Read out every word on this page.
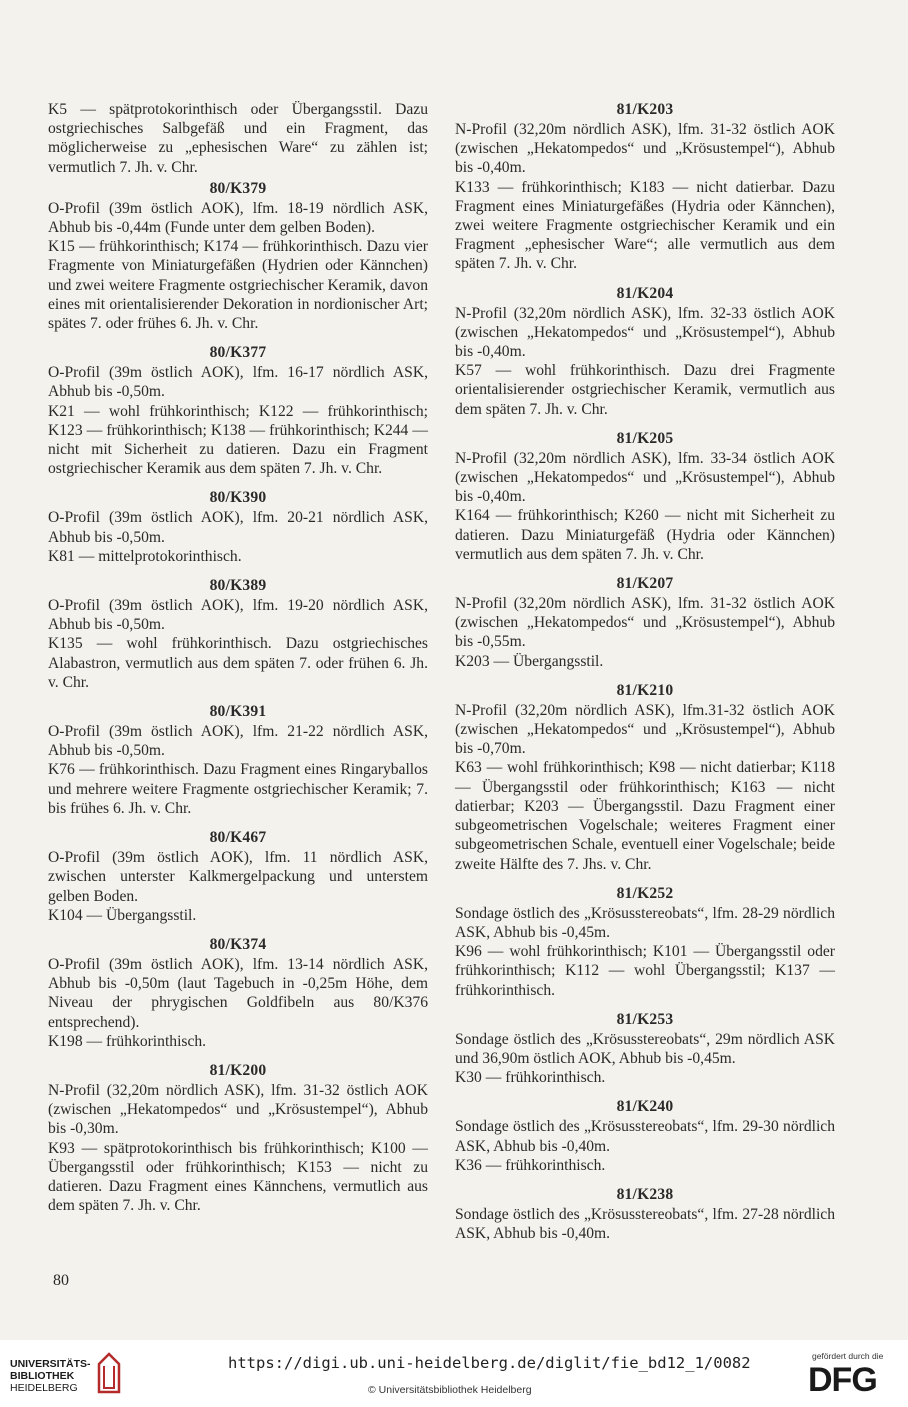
K5 — spätprotokorinthisch oder Übergangsstil. Dazu ostgriechisches Salbgefäß und ein Fragment, das möglicherweise zu „ephesischen Ware“ zu zählen ist; vermutlich 7. Jh. v. Chr.

80/K379

O-Profil (39m östlich AOK), lfm. 18-19 nördlich ASK, Abhub bis -0,44m (Funde unter dem gelben Boden).

K15 — frühkorinthisch; K174 — frühkorinthisch. Dazu vier Fragmente von Miniaturgefäßen (Hydrien oder Kännchen) und zwei weitere Fragmente ostgriechischer Keramik, davon eines mit orientalisierender Dekoration in nordionischer Art; spätes 7. oder frühes 6. Jh. v. Chr.

80/K377

O-Profil (39m östlich AOK), lfm. 16-17 nördlich ASK, Abhub bis -0,50m.

K21 — wohl frühkorinthisch; K122 — frühkorinthisch; K123 — frühkorinthisch; K138 — frühkorinthisch; K244 — nicht mit Sicherheit zu datieren. Dazu ein Fragment ostgriechischer Keramik aus dem späten 7. Jh. v. Chr.

80/K390

O-Profil (39m östlich AOK), lfm. 20-21 nördlich ASK, Abhub bis -0,50m.

K81 — mittelprotokorinthisch.

80/K389

O-Profil (39m östlich AOK), lfm. 19-20 nördlich ASK, Abhub bis -0,50m.

K135 — wohl frühkorinthisch. Dazu ostgriechisches Alabastron, vermutlich aus dem späten 7. oder frühen 6. Jh. v. Chr.

80/K391

O-Profil (39m östlich AOK), lfm. 21-22 nördlich ASK, Abhub bis -0,50m.

K76 — frühkorinthisch. Dazu Fragment eines Ringaryballos und mehrere weitere Fragmente ostgriechischer Keramik; 7. bis frühes 6. Jh. v. Chr.

80/K467

O-Profil (39m östlich AOK), lfm. 11 nördlich ASK, zwischen unterster Kalkmergelpackung und unterstem gelben Boden.

K104 — Übergangsstil.

80/K374

O-Profil (39m östlich AOK), lfm. 13-14 nördlich ASK, Abhub bis -0,50m (laut Tagebuch in -0,25m Höhe, dem Niveau der phrygischen Goldfibeln aus 80/K376 entsprechend).

K198 — frühkorinthisch.

81/K200

N-Profil (32,20m nördlich ASK), lfm. 31-32 östlich AOK (zwischen „Hekatompedos“ und „Krösustempel“), Abhub bis -0,30m.

K93 — spätprotokorinthisch bis frühkorinthisch; K100 — Übergangsstil oder frühkorinthisch; K153 — nicht zu datieren. Dazu Fragment eines Kännchens, vermutlich aus dem späten 7. Jh. v. Chr.

81/K203

N-Profil (32,20m nördlich ASK), lfm. 31-32 östlich AOK (zwischen „Hekatompedos“ und „Krösustempel“), Abhub bis -0,40m.

K133 — frühkorinthisch; K183 — nicht datierbar. Dazu Fragment eines Miniaturgefäßes (Hydria oder Kännchen), zwei weitere Fragmente ostgriechischer Keramik und ein Fragment „ephesischer Ware“; alle vermutlich aus dem späten 7. Jh. v. Chr.

81/K204

N-Profil (32,20m nördlich ASK), lfm. 32-33 östlich AOK (zwischen „Hekatompedos“ und „Krösustempel“), Abhub bis -0,40m.

K57 — wohl frühkorinthisch. Dazu drei Fragmente orientalisierender ostgriechischer Keramik, vermutlich aus dem späten 7. Jh. v. Chr.

81/K205

N-Profil (32,20m nördlich ASK), lfm. 33-34 östlich AOK (zwischen „Hekatompedos“ und „Krösustempel“), Abhub bis -0,40m.

K164 — frühkorinthisch; K260 — nicht mit Sicherheit zu datieren. Dazu Miniaturgefäß (Hydria oder Kännchen) vermutlich aus dem späten 7. Jh. v. Chr.

81/K207

N-Profil (32,20m nördlich ASK), lfm. 31-32 östlich AOK (zwischen „Hekatompedos“ und „Krösustempel“), Abhub bis -0,55m.

K203 — Übergangsstil.

81/K210

N-Profil (32,20m nördlich ASK), lfm.31-32 östlich AOK (zwischen „Hekatompedos“ und „Krösustempel“), Abhub bis -0,70m.

K63 — wohl frühkorinthisch; K98 — nicht datierbar; K118 — Übergangsstil oder frühkorinthisch; K163 — nicht datierbar; K203 — Übergangsstil. Dazu Fragment einer subgeometrischen Vogelschale; weiteres Fragment einer subgeometrischen Schale, eventuell einer Vogelschale; beide zweite Hälfte des 7. Jhs. v. Chr.

81/K252

Sondage östlich des „Krösusstereobats“, lfm. 28-29 nördlich ASK, Abhub bis -0,45m.

K96 — wohl frühkorinthisch; K101 — Übergangsstil oder frühkorinthisch; K112 — wohl Übergangsstil; K137 — frühkorinthisch.

81/K253

Sondage östlich des „Krösusstereobats“, 29m nördlich ASK und 36,90m östlich AOK, Abhub bis -0,45m.

K30 — frühkorinthisch.

81/K240

Sondage östlich des „Krösusstereobats“, lfm. 29-30 nördlich ASK, Abhub bis -0,40m.

K36 — frühkorinthisch.

81/K238

Sondage östlich des „Krösusstereobats“, lfm. 27-28 nördlich ASK, Abhub bis -0,40m.

80
UNIVERSITÄTS-
BIBLIOTHEK
HEIDELBERG
https://digi.ub.uni-heidelberg.de/diglit/fie_bd12_1/0082
© Universitätsbibliothek Heidelberg
gefördert durch die
DFG
